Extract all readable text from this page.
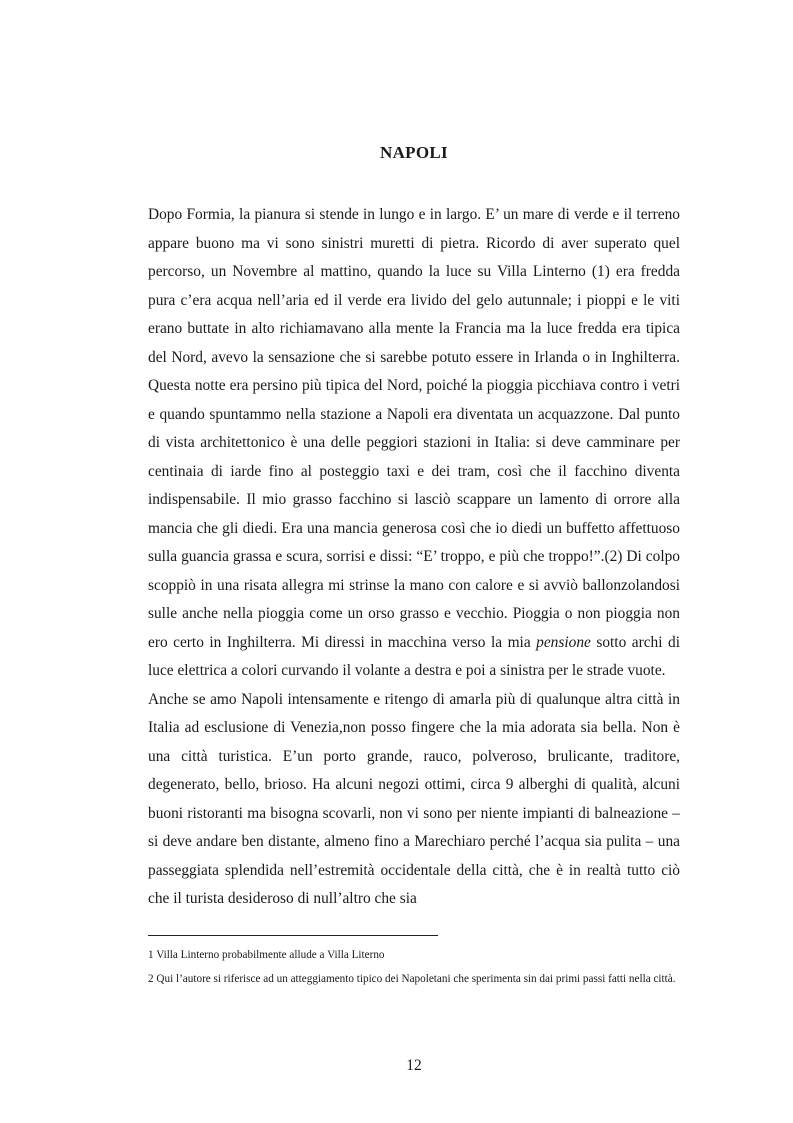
NAPOLI

Dopo Formia, la pianura si stende in lungo e in largo. E’ un mare di verde e il terreno appare buono ma vi sono sinistri muretti di pietra. Ricordo di aver superato quel percorso, un Novembre al mattino, quando la luce su Villa Linterno (1) era fredda pura c’era acqua nell’aria ed il verde era livido del gelo autunnale; i pioppi e le viti erano buttate in alto richiamavano alla mente la Francia ma la luce fredda era tipica del Nord, avevo la sensazione che si sarebbe potuto essere in Irlanda o in Inghilterra. Questa notte era persino più tipica del Nord, poiché la pioggia picchiava contro i vetri e quando spuntammo nella stazione a Napoli era diventata un acquazzone. Dal punto di vista architettonico è una delle peggiori stazioni in Italia: si deve camminare per centinaia di iarde fino al posteggio taxi e dei tram, così che il facchino diventa indispensabile. Il mio grasso facchino si lasciò scappare un lamento di orrore alla mancia che gli diedi. Era una mancia generosa così che io diedi un buffetto affettuoso sulla guancia grassa e scura, sorrisi e dissi: “E’ troppo, e più che troppo!”.(2) Di colpo scoppiò in una risata allegra mi strinse la mano con calore e si avviò ballonzolandosi sulle anche nella pioggia come un orso grasso e vecchio. Pioggia o non pioggia non ero certo in Inghilterra. Mi diressi in macchina verso la mia pensione sotto archi di luce elettrica a colori curvando il volante a destra e poi a sinistra per le strade vuote.

Anche se amo Napoli intensamente e ritengo di amarla più di qualunque altra città in Italia ad esclusione di Venezia,non posso fingere che la mia adorata sia bella. Non è una città turistica. E’un porto grande, rauco, polveroso, brulicante, traditore, degenerato, bello, brioso. Ha alcuni negozi ottimi, circa 9 alberghi di qualità, alcuni buoni ristoranti ma bisogna scovarli, non vi sono per niente impianti di balneazione – si deve andare ben distante, almeno fino a Marechiaro perché l’acqua sia pulita – una passeggiata splendida nell’estremità occidentale della città, che è in realtà tutto ciò che il turista desideroso di null’altro che sia

1 Villa Linterno probabilmente allude a Villa Literno

2 Qui l’autore si riferisce ad un atteggiamento tipico dei Napoletani che sperimenta sin dai primi passi fatti nella città.

12
